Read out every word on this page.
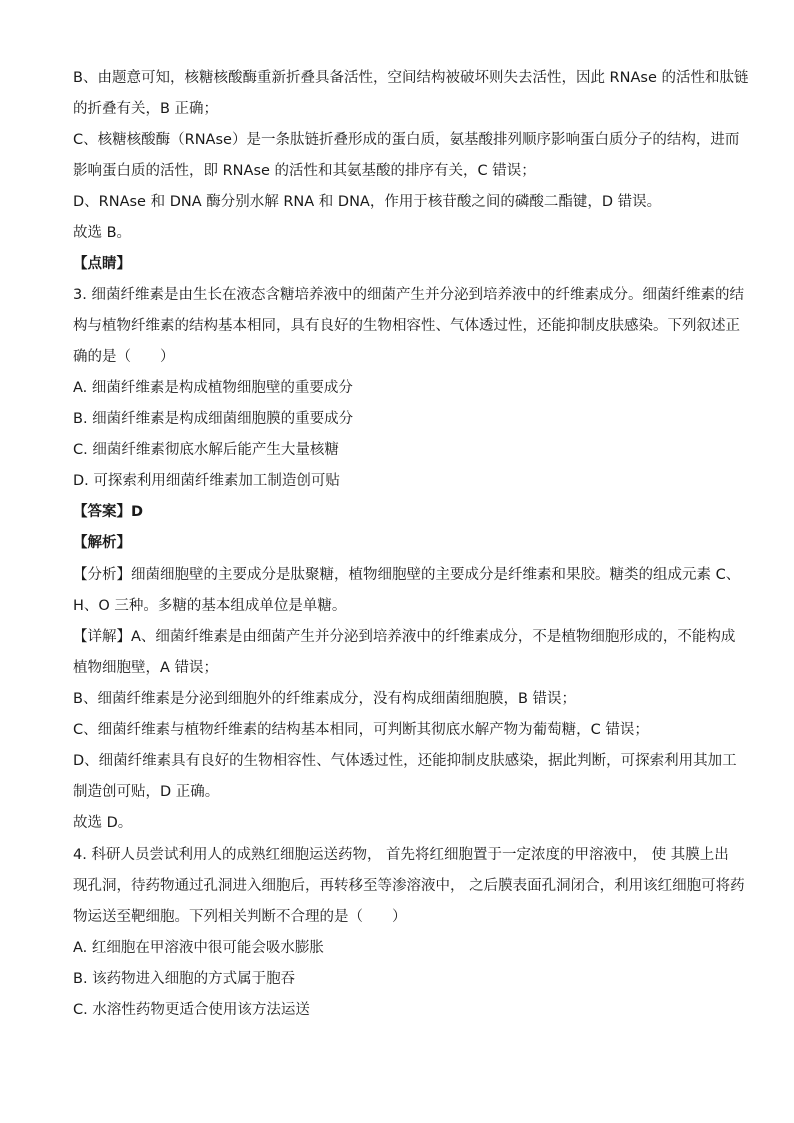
B、由题意可知，核糖核酸酶重新折叠具备活性，空间结构被破坏则失去活性，因此 RNAse 的活性和肽链
的折叠有关，B 正确；
C、核糖核酸酶（RNAse）是一条肽链折叠形成的蛋白质，氨基酸排列顺序影响蛋白质分子的结构，进而
影响蛋白质的活性，即 RNAse 的活性和其氨基酸的排序有关，C 错误；
D、RNAse 和 DNA 酶分别水解 RNA 和 DNA，作用于核苷酸之间的磷酸二酯键，D 错误。
故选 B。
【点睛】
3. 细菌纤维素是由生长在液态含糖培养液中的细菌产生并分泌到培养液中的纤维素成分。细菌纤维素的结
构与植物纤维素的结构基本相同，具有良好的生物相容性、气体透过性，还能抑制皮肤感染。下列叙述正
确的是（　　）
A. 细菌纤维素是构成植物细胞壁的重要成分
B. 细菌纤维素是构成细菌细胞膜的重要成分
C. 细菌纤维素彻底水解后能产生大量核糖
D. 可探索利用细菌纤维素加工制造创可贴
【答案】D
【解析】
【分析】细菌细胞壁的主要成分是肽聚糖，植物细胞壁的主要成分是纤维素和果胶。糖类的组成元素 C、
H、O 三种。多糖的基本组成单位是单糖。
【详解】A、细菌纤维素是由细菌产生并分泌到培养液中的纤维素成分，不是植物细胞形成的，不能构成
植物细胞壁，A 错误；
B、细菌纤维素是分泌到细胞外的纤维素成分，没有构成细菌细胞膜，B 错误；
C、细菌纤维素与植物纤维素的结构基本相同，可判断其彻底水解产物为葡萄糖，C 错误；
D、细菌纤维素具有良好的生物相容性、气体透过性，还能抑制皮肤感染，据此判断，可探索利用其加工
制造创可贴，D 正确。
故选 D。
4. 科研人员尝试利用人的成熟红细胞运送药物， 首先将红细胞置于一定浓度的甲溶液中， 使 其膜上出
现孔洞，待药物通过孔洞进入细胞后，再转移至等渗溶液中， 之后膜表面孔洞闭合，利用该红细胞可将药
物运送至靶细胞。下列相关判断不合理的是（　　）
A. 红细胞在甲溶液中很可能会吸水膨胀
B. 该药物进入细胞的方式属于胞吞
C. 水溶性药物更适合使用该方法运送
